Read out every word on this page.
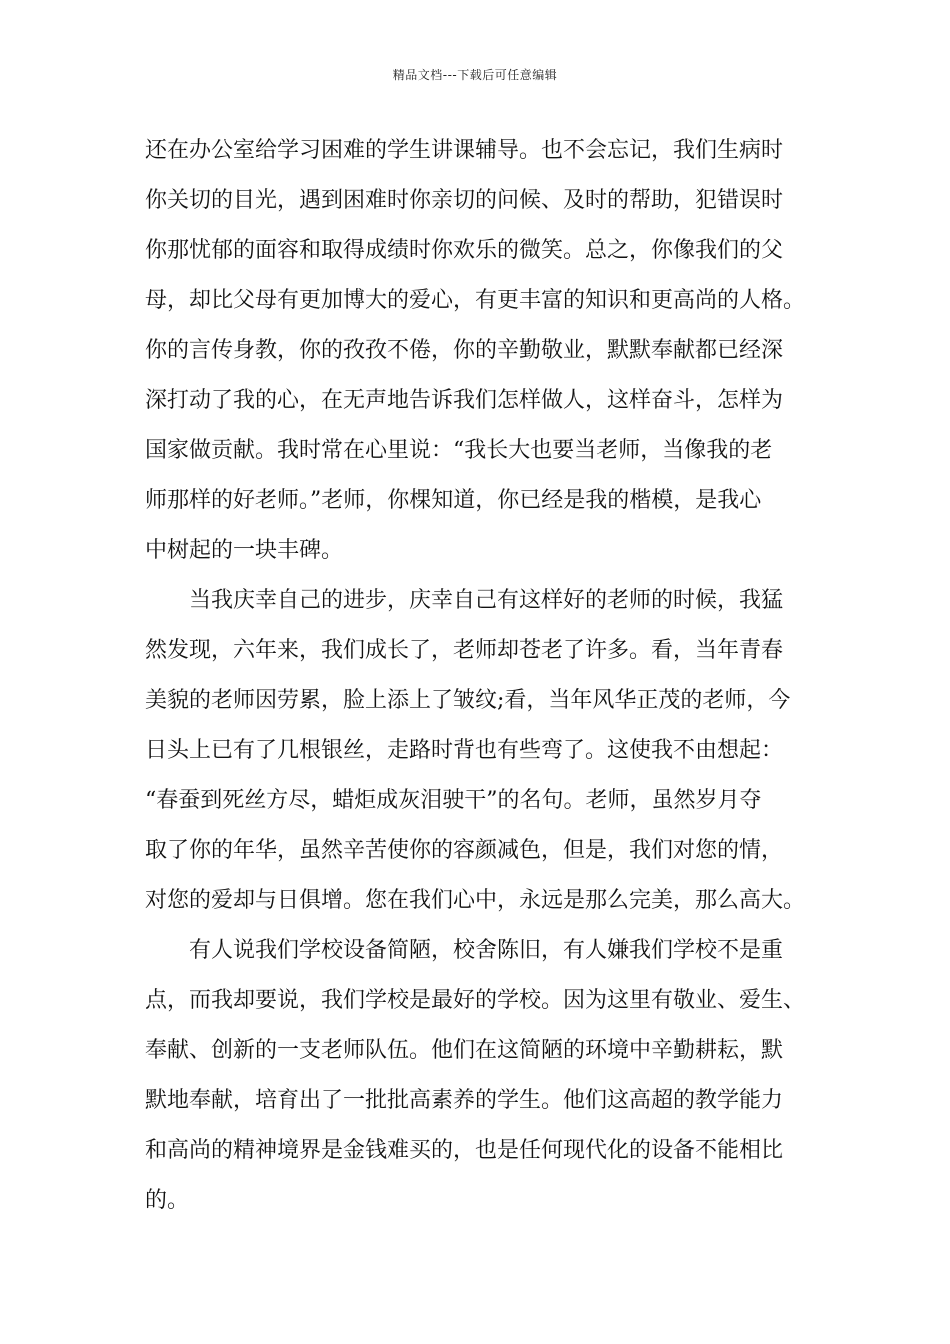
精品文档---下载后可任意编辑
还在办公室给学习困难的学生讲课辅导。也不会忘记，我们生病时
你关切的目光，遇到困难时你亲切的问候、及时的帮助，犯错误时
你那忧郁的面容和取得成绩时你欢乐的微笑。总之，你像我们的父
母，却比父母有更加博大的爱心，有更丰富的知识和更高尚的人格。
你的言传身教，你的孜孜不倦，你的辛勤敬业，默默奉献都已经深
深打动了我的心，在无声地告诉我们怎样做人，这样奋斗，怎样为
国家做贡献。我时常在心里说：“我长大也要当老师，当像我的老
师那样的好老师。”老师，你棵知道，你已经是我的楷模，是我心
中树起的一块丰碑。
当我庆幸自己的进步，庆幸自己有这样好的老师的时候，我猛
然发现，六年来，我们成长了，老师却苍老了许多。看，当年青春
美貌的老师因劳累，脸上添上了皱纹;看，当年风华正茂的老师，今
日头上已有了几根银丝，走路时背也有些弯了。这使我不由想起：
“春蚕到死丝方尽，蜡炬成灰泪驶干”的名句。老师，虽然岁月夺
取了你的年华，虽然辛苦使你的容颜减色，但是，我们对您的情，
对您的爱却与日俱增。您在我们心中，永远是那么完美，那么高大。
有人说我们学校设备简陋，校舍陈旧，有人嫌我们学校不是重
点，而我却要说，我们学校是最好的学校。因为这里有敬业、爱生、
奉献、创新的一支老师队伍。他们在这简陋的环境中辛勤耕耘，默
默地奉献，培育出了一批批高素养的学生。他们这高超的教学能力
和高尚的精神境界是金钱难买的，也是任何现代化的设备不能相比
的。
